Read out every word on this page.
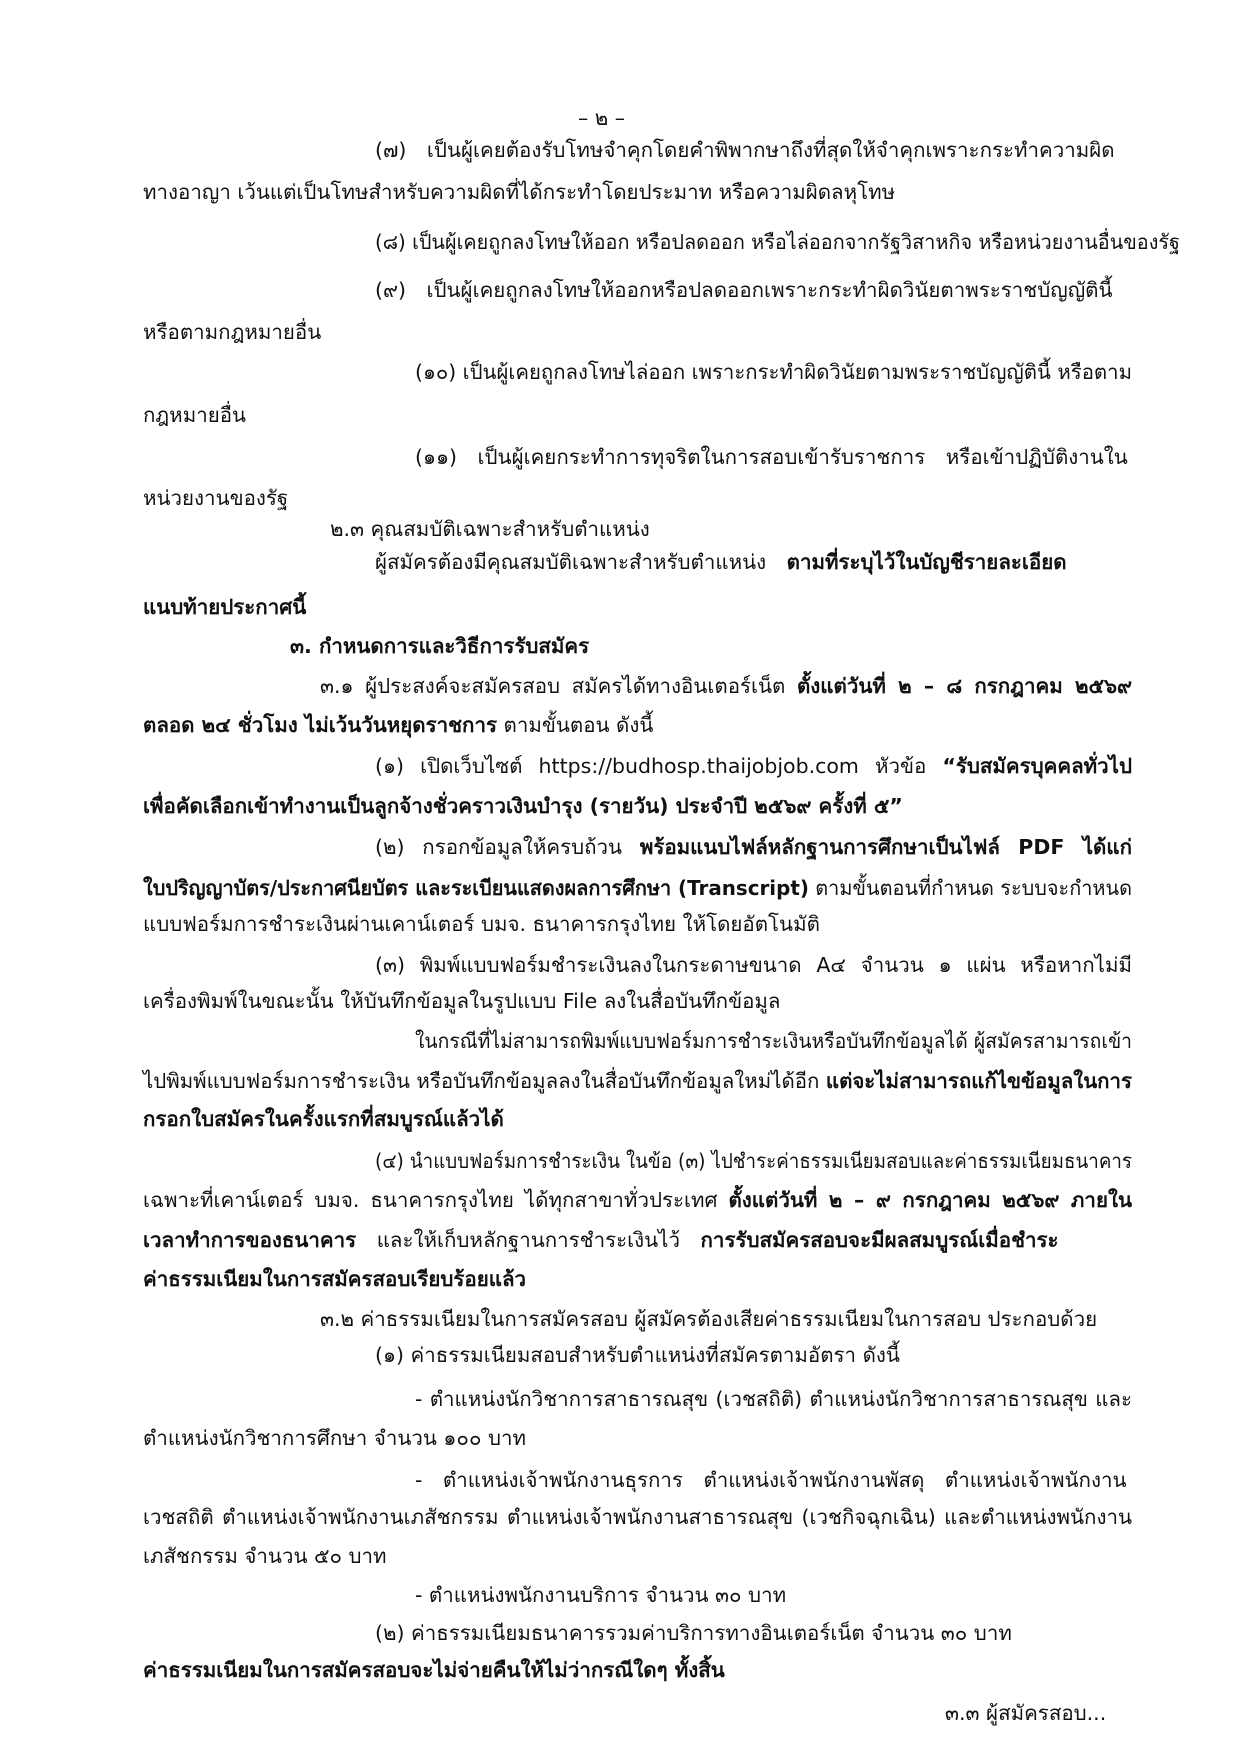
– ๒ –
(๗) เป็นผู้เคยต้องรับโทษจำคุกโดยคำพิพากษาถึงที่สุดให้จำคุกเพราะกระทำความผิด
ทางอาญา เว้นแต่เป็นโทษสำหรับความผิดที่ได้กระทำโดยประมาท หรือความผิดลหุโทษ
(๘) เป็นผู้เคยถูกลงโทษให้ออก หรือปลดออก หรือไล่ออกจากรัฐวิสาหกิจ หรือหน่วยงานอื่นของรัฐ
(๙) เป็นผู้เคยถูกลงโทษให้ออกหรือปลดออกเพราะกระทำผิดวินัยตาพระราชบัญญัตินี้
หรือตามกฎหมายอื่น
(๑๐) เป็นผู้เคยถูกลงโทษไล่ออก เพราะกระทำผิดวินัยตามพระราชบัญญัตินี้ หรือตาม
กฎหมายอื่น
(๑๑) เป็นผู้เคยกระทำการทุจริตในการสอบเข้ารับราชการ หรือเข้าปฏิบัติงานใน
หน่วยงานของรัฐ
๒.๓ คุณสมบัติเฉพาะสำหรับตำแหน่ง
ผู้สมัครต้องมีคุณสมบัติเฉพาะสำหรับตำแหน่ง ตามที่ระบุไว้ในบัญชีรายละเอียด
แนบท้ายประกาศนี้
๓. กำหนดการและวิธีการรับสมัคร
๓.๑ ผู้ประสงค์จะสมัครสอบ สมัครได้ทางอินเตอร์เน็ต ตั้งแต่วันที่ ๒ – ๘ กรกฎาคม ๒๕๖๙
ตลอด ๒๔ ชั่วโมง ไม่เว้นวันหยุดราชการ ตามขั้นตอน ดังนี้
(๑) เปิดเว็บไซต์ https://budhosp.thaijobjob.com หัวข้อ “รับสมัครบุคคลทั่วไป
เพื่อคัดเลือกเข้าทำงานเป็นลูกจ้างชั่วคราวเงินบำรุง (รายวัน) ประจำปี ๒๕๖๙ ครั้งที่ ๕”
(๒) กรอกข้อมูลให้ครบถ้วน พร้อมแนบไฟล์หลักฐานการศึกษาเป็นไฟล์ PDF ได้แก่
ใบปริญญาบัตร/ประกาศนียบัตร และระเบียนแสดงผลการศึกษา (Transcript) ตามขั้นตอนที่กำหนด ระบบจะกำหนด
แบบฟอร์มการชำระเงินผ่านเคาน์เตอร์ บมจ. ธนาคารกรุงไทย ให้โดยอัตโนมัติ
(๓) พิมพ์แบบฟอร์มชำระเงินลงในกระดาษขนาด A๔ จำนวน ๑ แผ่น หรือหากไม่มี
เครื่องพิมพ์ในขณะนั้น ให้บันทึกข้อมูลในรูปแบบ File ลงในสื่อบันทึกข้อมูล
ในกรณีที่ไม่สามารถพิมพ์แบบฟอร์มการชำระเงินหรือบันทึกข้อมูลได้ ผู้สมัครสามารถเข้า
ไปพิมพ์แบบฟอร์มการชำระเงิน หรือบันทึกข้อมูลลงในสื่อบันทึกข้อมูลใหม่ได้อีก แต่จะไม่สามารถแก้ไขข้อมูลในการ
กรอกใบสมัครในครั้งแรกที่สมบูรณ์แล้วได้
(๔) นำแบบฟอร์มการชำระเงิน ในข้อ (๓) ไปชำระค่าธรรมเนียมสอบและค่าธรรมเนียมธนาคาร
เฉพาะที่เคาน์เตอร์ บมจ. ธนาคารกรุงไทย ได้ทุกสาขาทั่วประเทศ ตั้งแต่วันที่ ๒ – ๙ กรกฎาคม ๒๕๖๙ ภายใน
เวลาทำการของธนาคาร และให้เก็บหลักฐานการชำระเงินไว้ การรับสมัครสอบจะมีผลสมบูรณ์เมื่อชำระ
ค่าธรรมเนียมในการสมัครสอบเรียบร้อยแล้ว
๓.๒ ค่าธรรมเนียมในการสมัครสอบ ผู้สมัครต้องเสียค่าธรรมเนียมในการสอบ ประกอบด้วย
(๑) ค่าธรรมเนียมสอบสำหรับตำแหน่งที่สมัครตามอัตรา ดังนี้
- ตำแหน่งนักวิชาการสาธารณสุข (เวชสถิติ) ตำแหน่งนักวิชาการสาธารณสุข และ
ตำแหน่งนักวิชาการศึกษา จำนวน ๑๐๐ บาท
- ตำแหน่งเจ้าพนักงานธุรการ ตำแหน่งเจ้าพนักงานพัสดุ ตำแหน่งเจ้าพนักงาน
เวชสถิติ ตำแหน่งเจ้าพนักงานเภสัชกรรม ตำแหน่งเจ้าพนักงานสาธารณสุข (เวชกิจฉุกเฉิน) และตำแหน่งพนักงาน
เภสัชกรรม จำนวน ๕๐ บาท
- ตำแหน่งพนักงานบริการ จำนวน ๓๐ บาท
(๒) ค่าธรรมเนียมธนาคารรวมค่าบริการทางอินเตอร์เน็ต จำนวน ๓๐ บาท
ค่าธรรมเนียมในการสมัครสอบจะไม่จ่ายคืนให้ไม่ว่ากรณีใดๆ ทั้งสิ้น
๓.๓ ผู้สมัครสอบ...
